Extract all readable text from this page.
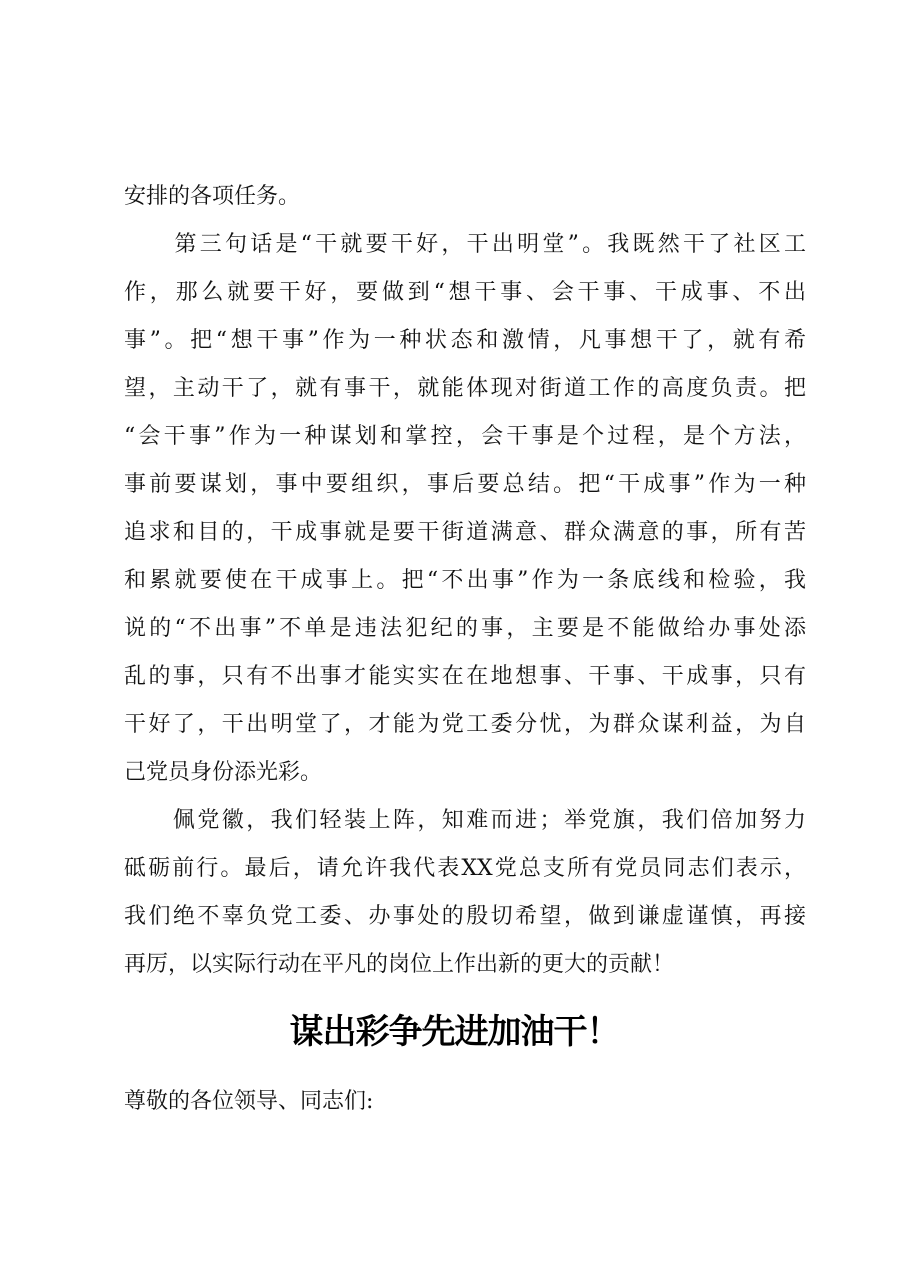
安排的各项任务。
　　第三句话是“干就要干好，干出明堂”。我既然干了社区工
作，那么就要干好，要做到“想干事、会干事、干成事、不出
事”。把“想干事”作为一种状态和激情，凡事想干了，就有希
望，主动干了，就有事干，就能体现对街道工作的高度负责。把
“会干事”作为一种谋划和掌控，会干事是个过程，是个方法，
事前要谋划，事中要组织，事后要总结。把“干成事”作为一种
追求和目的，干成事就是要干街道满意、群众满意的事，所有苦
和累就要使在干成事上。把“不出事”作为一条底线和检验，我
说的“不出事”不单是违法犯纪的事，主要是不能做给办事处添
乱的事，只有不出事才能实实在在地想事、干事、干成事，只有
干好了，干出明堂了，才能为党工委分忧，为群众谋利益，为自
己党员身份添光彩。
　　佩党徽，我们轻装上阵，知难而进；举党旗，我们倍加努力
砥砺前行。最后，请允许我代表XX党总支所有党员同志们表示，
我们绝不辜负党工委、办事处的殷切希望，做到谦虚谨慎，再接
再厉，以实际行动在平凡的岗位上作出新的更大的贡献！
谋出彩争先进加油干！
尊敬的各位领导、同志们:
